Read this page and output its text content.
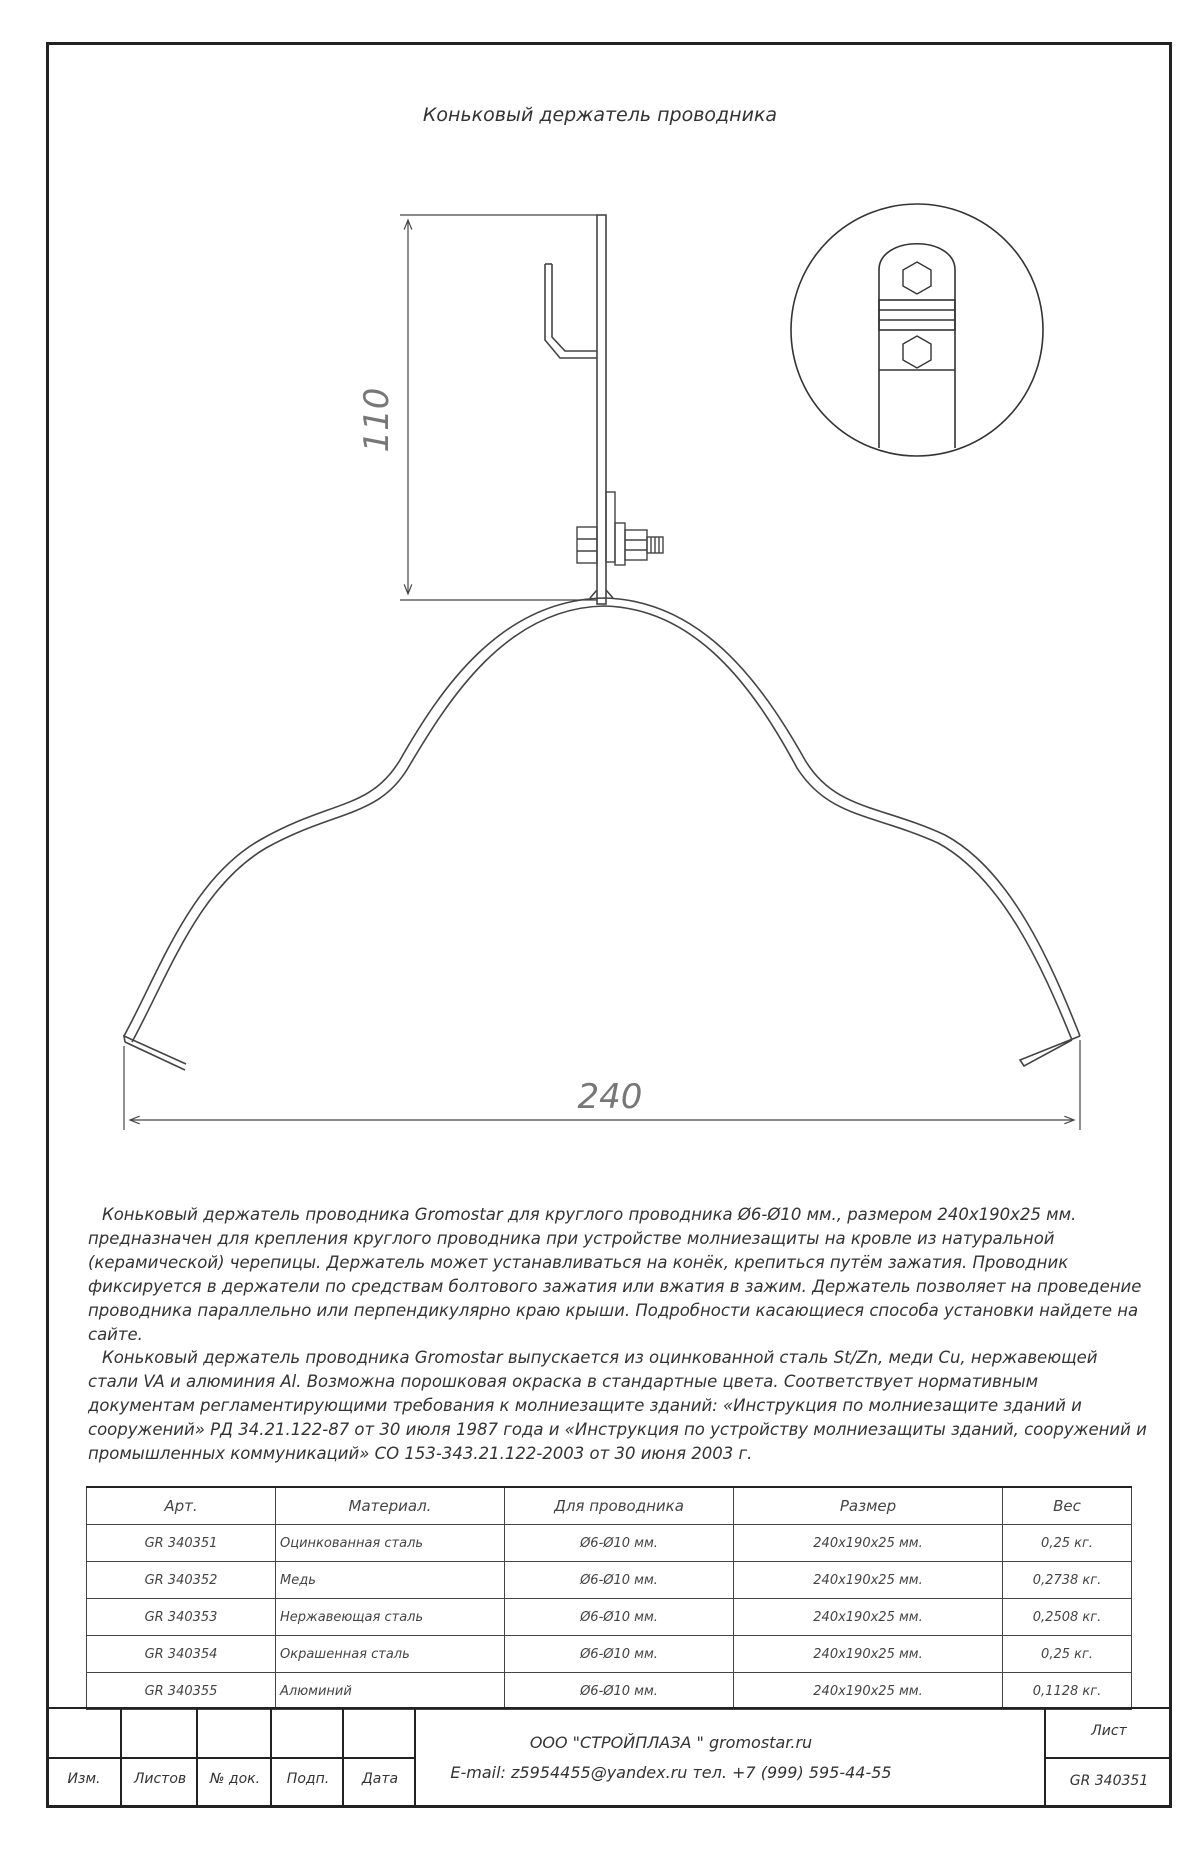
Коньковый держатель проводника
110
240

Коньковый держатель проводника Gromostar для круглого проводника Ø6-Ø10 мм., размером 240х190х25 мм. предназначен для крепления круглого проводника при устройстве молниезащиты на кровле из натуральной (керамической) черепицы. Держатель может устанавливаться на конёк, крепиться путём зажатия. Проводник фиксируется в держатели по средствам болтового зажатия или вжатия в зажим. Держатель позволяет на проведение проводника параллельно или перпендикулярно краю крыши. Подробности касающиеся способа установки найдете на сайте.

Коньковый держатель проводника Gromostar выпускается из оцинкованной сталь St/Zn, меди Cu, нержавеющей стали VA и алюминия Al. Возможна порошковая окраска в стандартные цвета. Соответствует нормативным документам регламентирующими требования к молниезащите зданий: «Инструкция по молниезащите зданий и сооружений» РД 34.21.122-87 от 30 июля 1987 года и «Инструкция по устройству молниезащиты зданий, сооружений и промышленных коммуникаций» СО 153-343.21.122-2003 от 30 июня 2003 г.

Арт.	Материал.	Для проводника	Размер	Вес
GR 340351	Оцинкованная сталь	Ø6-Ø10 мм.	240х190х25 мм.	0,25 кг.
GR 340352	Медь	Ø6-Ø10 мм.	240х190х25 мм.	0,2738 кг.
GR 340353	Нержавеющая сталь	Ø6-Ø10 мм.	240х190х25 мм.	0,2508 кг.
GR 340354	Окрашенная сталь	Ø6-Ø10 мм.	240х190х25 мм.	0,25 кг.
GR 340355	Алюминий	Ø6-Ø10 мм.	240х190х25 мм.	0,1128 кг.
Изм.	Листов	№ док.	Подп.	Дата
ООО "СТРОЙПЛАЗА " gromostar.ru
E-mail: z5954455@yandex.ru тел. +7 (999) 595-44-55
Лист
GR 340351
